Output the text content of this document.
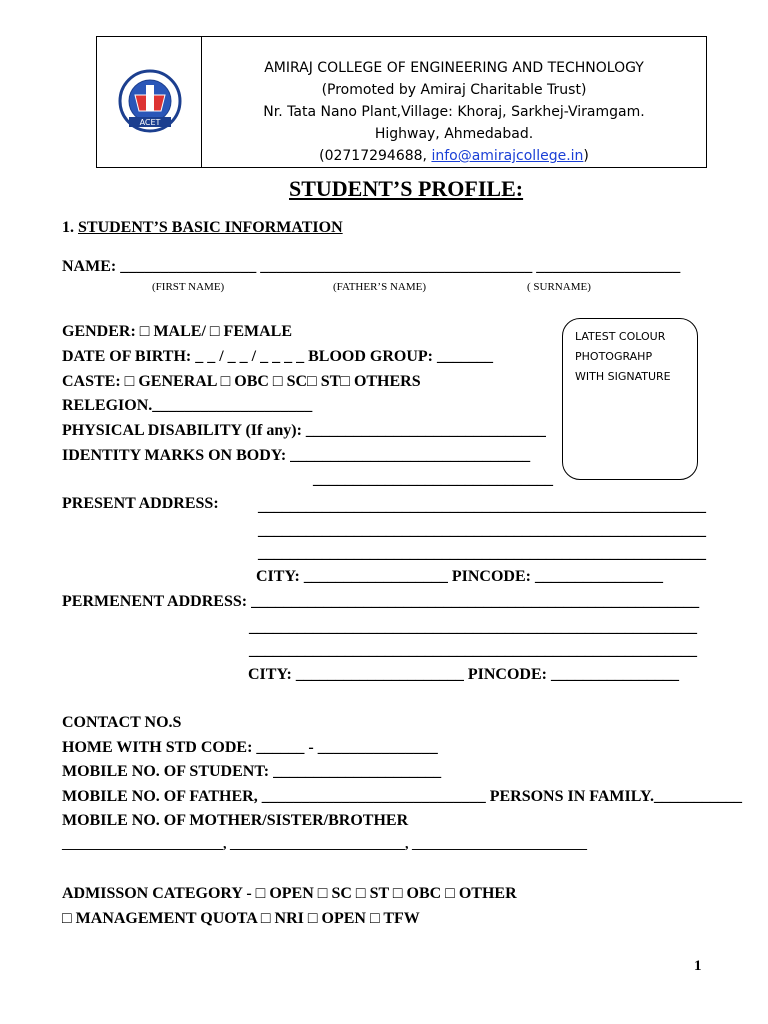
ACET
AMIRAJ COLLEGE OF ENGINEERING AND TECHNOLOGY
(Promoted by Amiraj Charitable Trust)
Nr. Tata Nano Plant,Village: Khoraj, Sarkhej-Viramgam.
Highway, Ahmedabad.
(02717294688, info@amirajcollege.in)
STUDENT’S PROFILE:
1. STUDENT’S BASIC INFORMATION
NAME: _________________ __________________________________ __________________
(FIRST NAME)	(FATHER’S NAME)	( SURNAME)
GENDER: □ MALE/ □ FEMALE
DATE OF BIRTH: _ _ / _ _ / _ _ _ _ BLOOD GROUP: _______
CASTE: □ GENERAL □ OBC □ SC□ ST□ OTHERS
RELEGION.____________________
PHYSICAL DISABILITY (If any): ______________________________
IDENTITY MARKS ON BODY: ______________________________
______________________________
LATEST COLOUR
PHOTOGRAHP
WITH SIGNATURE
PRESENT ADDRESS: ________________________________________________________
________________________________________________________
________________________________________________________
CITY: __________________ PINCODE: ________________
PERMENENT ADDRESS: ________________________________________________________
________________________________________________________
________________________________________________________
CITY: _____________________ PINCODE: ________________
CONTACT NO.S
HOME WITH STD CODE: ______ - _______________
MOBILE NO. OF STUDENT: _____________________
MOBILE NO. OF FATHER, ____________________________ PERSONS IN FAMILY.___________
MOBILE NO. OF MOTHER/SISTER/BROTHER
_______________________, _________________________, _________________________
ADMISSON CATEGORY - □ OPEN □ SC □ ST □ OBC □ OTHER
□ MANAGEMENT QUOTA □ NRI □ OPEN □ TFW
1
